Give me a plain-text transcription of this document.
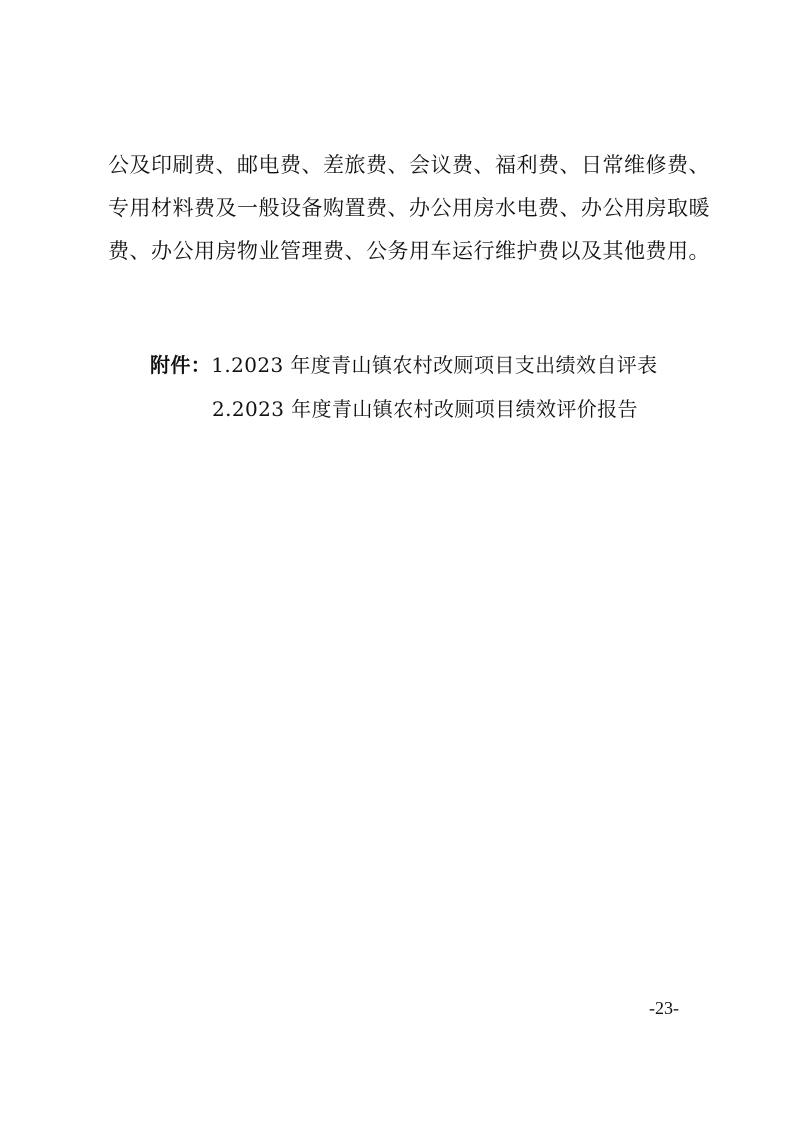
公及印刷费、邮电费、差旅费、会议费、福利费、日常维修费、
专用材料费及一般设备购置费、办公用房水电费、办公用房取暖
费、办公用房物业管理费、公务用车运行维护费以及其他费用。
附件：1.2023 年度青山镇农村改厕项目支出绩效自评表
2.2023 年度青山镇农村改厕项目绩效评价报告
-23-
